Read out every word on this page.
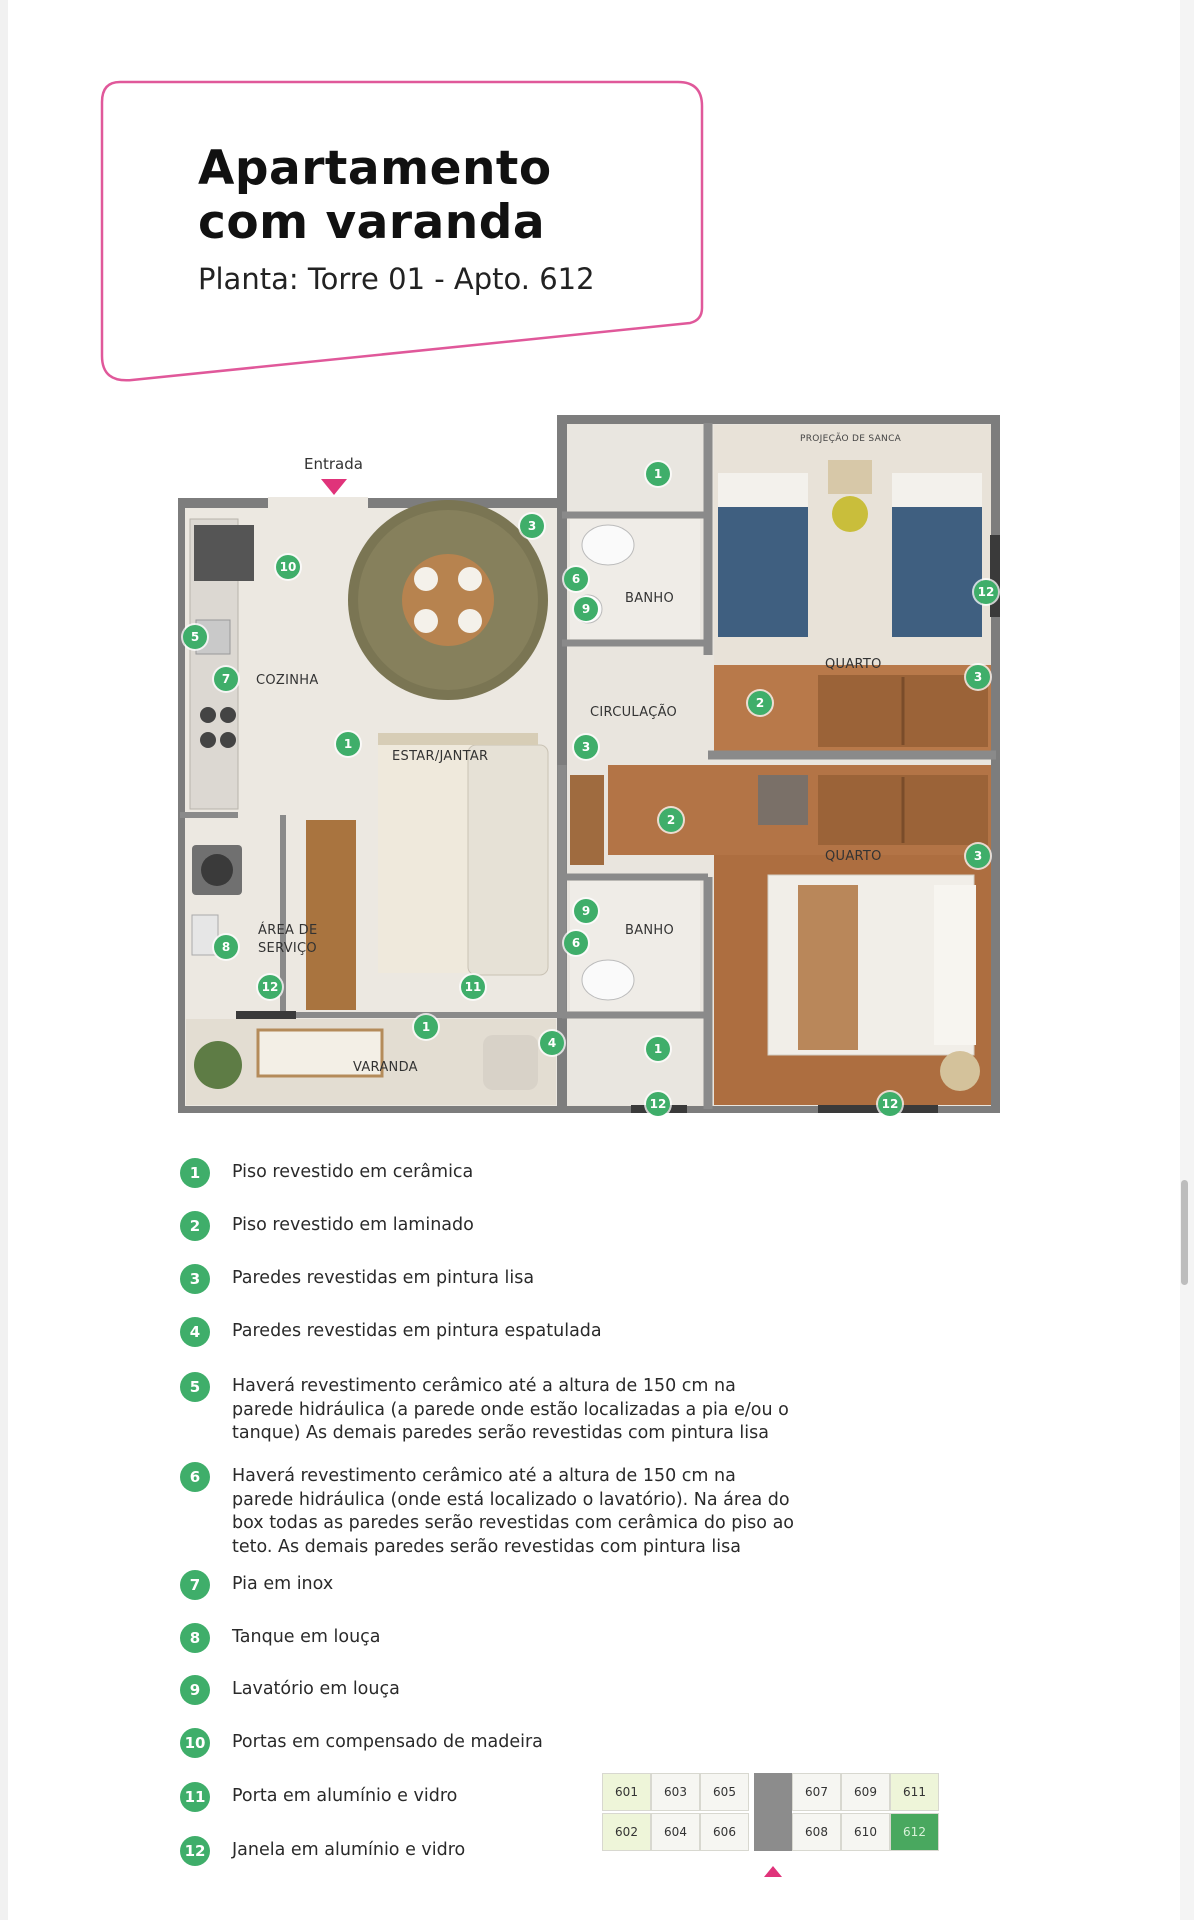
Apartamento
com varanda
Planta: Torre 01 - Apto. 612
Entrada
COZINHA
ESTAR/JANTAR
ÁREA DE
SERVIÇO
VARANDA
BANHO
BANHO
CIRCULAÇÃO
QUARTO
QUARTO
PROJEÇÃO DE SANCA
1
1
1
1
2
2
3
3
3
3
4
5
6
6
7
8
9
9
10
11
12
12
12	12
1	Piso revestido em cerâmica
2	Piso revestido em laminado
3	Paredes revestidas em pintura lisa
4	Paredes revestidas em pintura espatulada
5	Haverá revestimento cerâmico até a altura de 150 cm na parede hidráulica (a parede onde estão localizadas a pia e/ou o tanque) As demais paredes serão revestidas com pintura lisa
6	Haverá revestimento cerâmico até a altura de 150 cm na parede hidráulica (onde está localizado o lavatório). Na área do box todas as paredes serão revestidas com cerâmica do piso ao teto. As demais paredes serão revestidas com pintura lisa
7	Pia em inox
8	Tanque em louça
9	Lavatório em louça
10 Portas em compensado de madeira
11 Porta em alumínio e vidro
12 Janela em alumínio e vidro
601	603	605	607	609	611
602	604	606	608	610	612
